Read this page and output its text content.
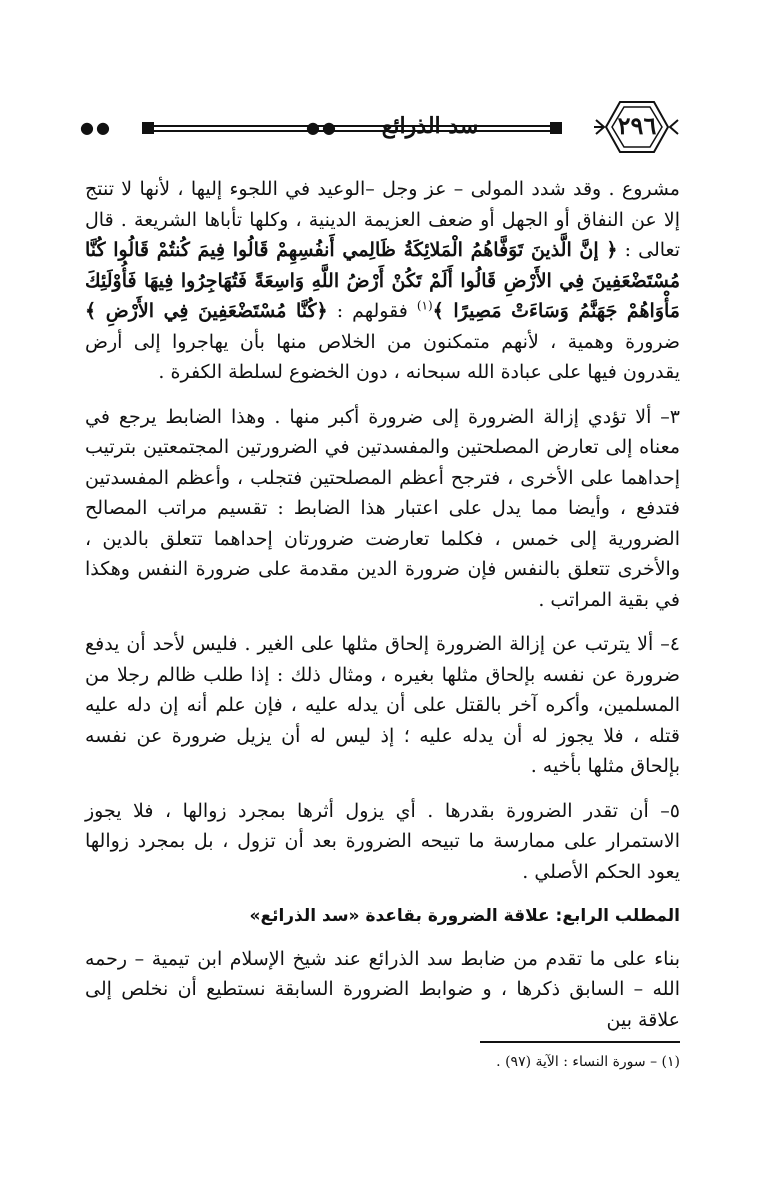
●●	●●	سد الذرائع	٢٩٦

مشروع . وقد شدد المولى – عز وجل –الوعيد في اللجوء إليها ، لأنها لا تنتج إلا عن النفاق أو الجهل أو ضعف العزيمة الدينية ، وكلها تأباها الشريعة . قال تعالى : ﴿ إنَّ الَّذينَ تَوَفَّاهُمُ الْمَلائِكَةُ ظَالِمي أَنفُسِهِمْ قَالُوا فِيمَ كُنتُمْ قَالُوا كُنَّا مُسْتَضْعَفِينَ فِي الأَرْضِ قَالُوا أَلَمْ تَكُنْ أَرْضُ اللَّهِ وَاسِعَةً فَتُهَاجِرُوا فِيهَا فَأُوْلَئِكَ مَأْوَاهُمْ جَهَنَّمُ وَسَاءَتْ مَصِيرًا ﴾$^{(١)}$ فقولهم : ﴿كُنَّا مُسْتَضْعَفِينَ فِي الأَرْضِ ﴾ ضرورة وهمية ، لأنهم متمكنون من الخلاص منها بأن يهاجروا إلى أرض يقدرون فيها على عبادة الله سبحانه ، دون الخضوع لسلطة الكفرة .

٣– ألا تؤدي إزالة الضرورة إلى ضرورة أكبر منها . وهذا الضابط يرجع في معناه إلى تعارض المصلحتين والمفسدتين في الضرورتين المجتمعتين بترتيب إحداهما على الأخرى ، فترجح أعظم المصلحتين فتجلب ، وأعظم المفسدتين فتدفع ، وأيضا مما يدل على اعتبار هذا الضابط : تقسيم مراتب المصالح الضرورية إلى خمس ، فكلما تعارضت ضرورتان إحداهما تتعلق بالدين ، والأخرى تتعلق بالنفس فإن ضرورة الدين مقدمة على ضرورة النفس وهكذا في بقية المراتب .

٤– ألا يترتب عن إزالة الضرورة إلحاق مثلها على الغير . فليس لأحد أن يدفع ضرورة عن نفسه بإلحاق مثلها بغيره ، ومثال ذلك : إذا طلب ظالم رجلا من المسلمين، وأكره آخر بالقتل على أن يدله عليه ، فإن علم أنه إن دله عليه قتله ، فلا يجوز له أن يدله عليه ؛ إذ ليس له أن يزيل ضرورة عن نفسه بإلحاق مثلها بأخيه .

٥– أن تقدر الضرورة بقدرها . أي يزول أثرها بمجرد زوالها ، فلا يجوز الاستمرار على ممارسة ما تبيحه الضرورة بعد أن تزول ، بل بمجرد زوالها يعود الحكم الأصلي .

المطلب الرابع: علاقة الضرورة بقاعدة «سد الذرائع»

بناء على ما تقدم من ضابط سد الذرائع عند شيخ الإسلام ابن تيمية – رحمه الله – السابق ذكرها ، و ضوابط الضرورة السابقة نستطيع أن نخلص إلى علاقة بين

(١) – سورة النساء : الآية (٩٧) .
